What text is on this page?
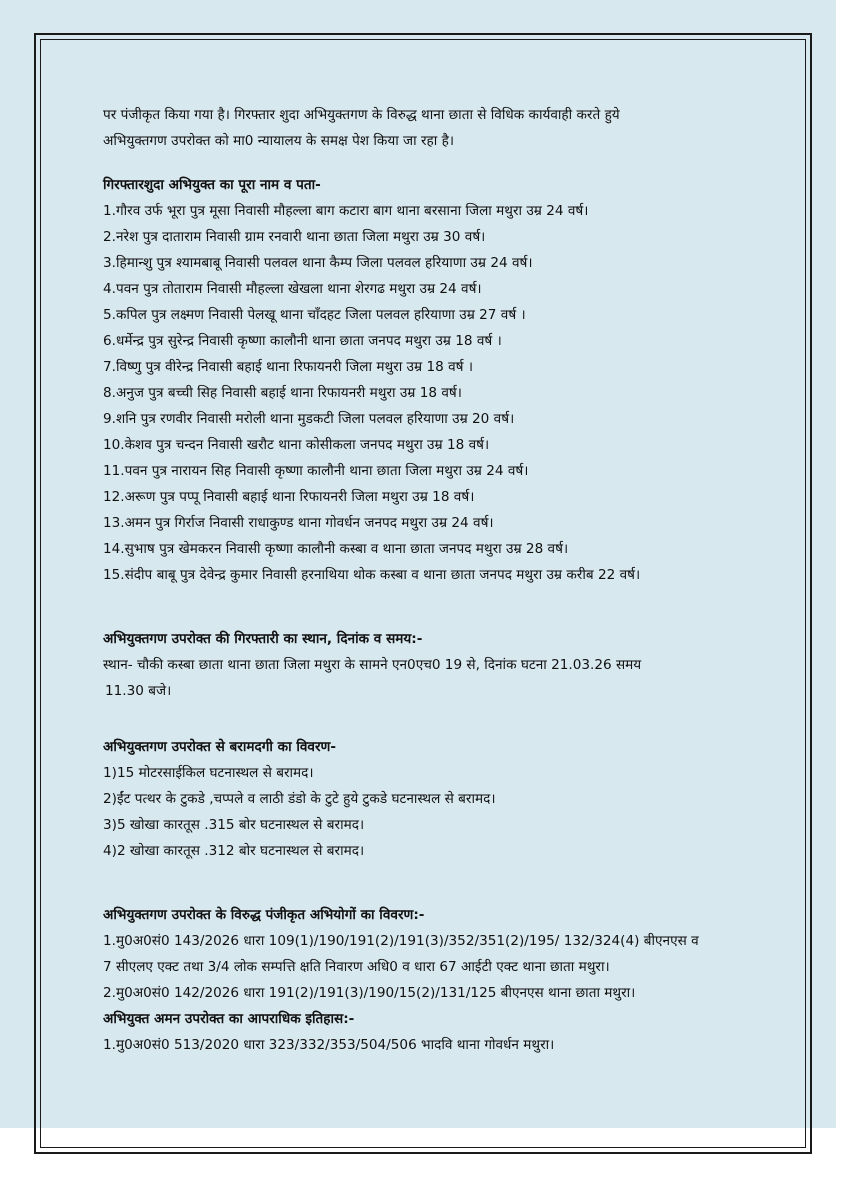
पर पंजीकृत किया गया है। गिरफ्तार शुदा अभियुक्तगण के विरुद्ध थाना छाता से विधिक कार्यवाही करते हुये

अभियुक्तगण उपरोक्त को मा0 न्यायालय के समक्ष पेश किया जा रहा है।

गिरफ्तारशुदा अभियुक्त का पूरा नाम व पता-

1.गौरव उर्फ भूरा पुत्र मूसा निवासी मौहल्ला बाग कटारा बाग थाना बरसाना जिला मथुरा उम्र 24 वर्ष।

2.नरेश पुत्र दाताराम निवासी ग्राम रनवारी थाना छाता जिला मथुरा उम्र 30 वर्ष।

3.हिमान्शु पुत्र श्यामबाबू निवासी पलवल थाना कैम्प जिला पलवल हरियाणा उम्र 24 वर्ष।

4.पवन पुत्र तोताराम निवासी मौहल्ला खेखला थाना शेरगढ मथुरा उम्र 24 वर्ष।

5.कपिल पुत्र लक्ष्मण निवासी पेलखू थाना चाँदहट जिला पलवल हरियाणा उम्र 27 वर्ष ।

6.धर्मेन्द्र पुत्र सुरेन्द्र निवासी कृष्णा कालौनी थाना छाता जनपद मथुरा उम्र 18 वर्ष ।

7.विष्णु पुत्र वीरेन्द्र निवासी बहाई थाना रिफायनरी जिला मथुरा उम्र 18 वर्ष ।

8.अनुज पुत्र बच्ची सिह निवासी बहाई थाना रिफायनरी मथुरा उम्र 18 वर्ष।

9.शनि पुत्र रणवीर निवासी मरोली थाना मुडकटी जिला पलवल हरियाणा उम्र 20 वर्ष।

10.केशव पुत्र चन्दन निवासी खरौट थाना कोसीकला जनपद मथुरा उम्र 18 वर्ष।

11.पवन पुत्र नारायन सिह निवासी कृष्णा कालौनी थाना छाता जिला मथुरा उम्र 24 वर्ष।

12.अरूण पुत्र पप्पू निवासी बहाई थाना रिफायनरी जिला मथुरा उम्र 18 वर्ष।

13.अमन पुत्र गिर्राज निवासी राधाकुण्ड थाना गोवर्धन जनपद मथुरा उम्र 24 वर्ष।

14.सुभाष पुत्र खेमकरन निवासी कृष्णा कालौनी कस्बा व थाना छाता जनपद मथुरा उम्र 28 वर्ष।

15.संदीप बाबू पुत्र देवेन्द्र कुमार निवासी हरनाथिया थोक कस्बा व थाना छाता जनपद मथुरा उम्र करीब 22 वर्ष।

अभियुक्तगण उपरोक्त की गिरफ्तारी का स्थान, दिनांक व समय:-

स्थान- चौकी कस्बा छाता थाना छाता जिला मथुरा के सामने एन0एच0 19 से, दिनांक घटना 21.03.26 समय

11.30 बजे।

अभियुक्तगण उपरोक्त से बरामदगी का विवरण-

1)15 मोटरसाईकिल घटनास्थल से बरामद।

2)ईंट पत्थर के टुकडे ,चप्पले व लाठी डंडो के टुटे हुये टुकडे घटनास्थल से बरामद।

3)5 खोखा कारतूस .315 बोर घटनास्थल से बरामद।

4)2 खोखा कारतूस .312 बोर घटनास्थल से बरामद।

अभियुक्तगण उपरोक्त के विरुद्ध पंजीकृत अभियोगों का विवरण:-

1.मु0अ0सं0 143/2026 धारा 109(1)/190/191(2)/191(3)/352/351(2)/195/ 132/324(4) बीएनएस व

7 सीएलए एक्ट तथा 3/4 लोक सम्पत्ति क्षति निवारण अधि0 व धारा 67 आईटी एक्ट थाना छाता मथुरा।

2.मु0अ0सं0 142/2026 धारा 191(2)/191(3)/190/15(2)/131/125 बीएनएस थाना छाता मथुरा।

अभियुक्त अमन उपरोक्त का आपराधिक इतिहास:-

1.मु0अ0सं0 513/2020 धारा 323/332/353/504/506 भादवि थाना गोवर्धन मथुरा।
